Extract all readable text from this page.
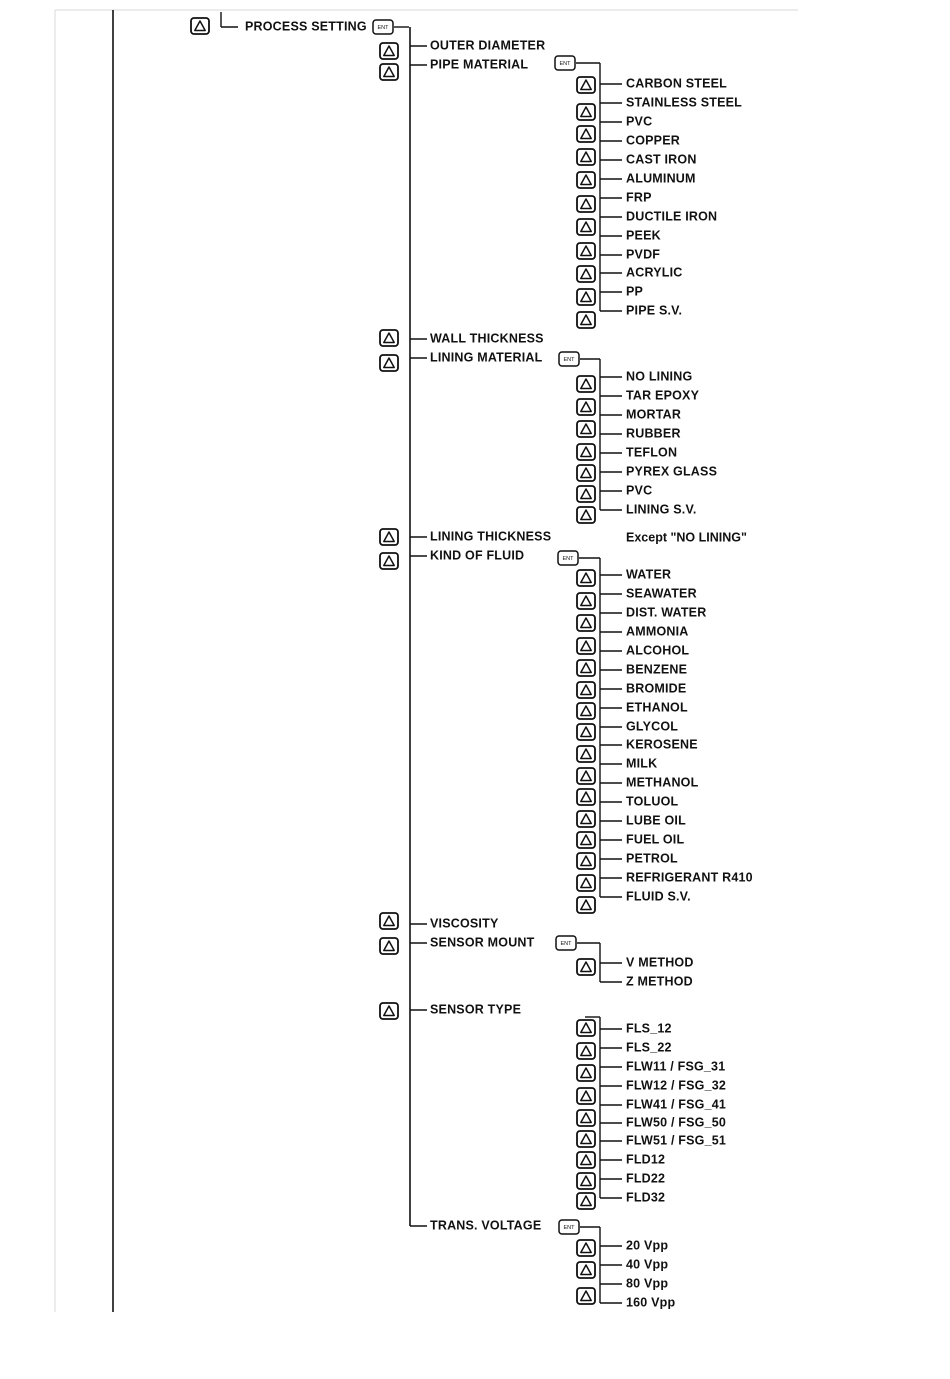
PROCESS SETTING ENT
OUTER DIAMETER
PIPE MATERIAL	ENT
CARBON STEEL
STAINLESS STEEL
PVC
COPPER
CAST IRON
ALUMINUM
FRP
DUCTILE IRON
PEEK
PVDF
ACRYLIC
PP
PIPE S.V.
WALL THICKNESS
LINING MATERIAL	ENT
NO LINING
TAR EPOXY
MORTAR
RUBBER
TEFLON
PYREX GLASS
PVC
LINING S.V.
LINING THICKNESS	Except "NO LINING"
KIND OF FLUID	ENT
WATER
SEAWATER
DIST. WATER
AMMONIA
ALCOHOL
BENZENE
BROMIDE
ETHANOL
GLYCOL
KEROSENE
MILK
METHANOL
TOLUOL
LUBE OIL
FUEL OIL
PETROL
REFRIGERANT R410
FLUID S.V.
VISCOSITY
SENSOR MOUNT	ENT
V METHOD
Z METHOD
SENSOR TYPE
FLS_12
FLS_22
FLW11 / FSG_31
FLW12 / FSG_32
FLW41 / FSG_41
FLW50 / FSG_50
FLW51 / FSG_51
FLD12
FLD22
FLD32
TRANS. VOLTAGE	ENT
20 Vpp
40 Vpp
80 Vpp
160 Vpp
